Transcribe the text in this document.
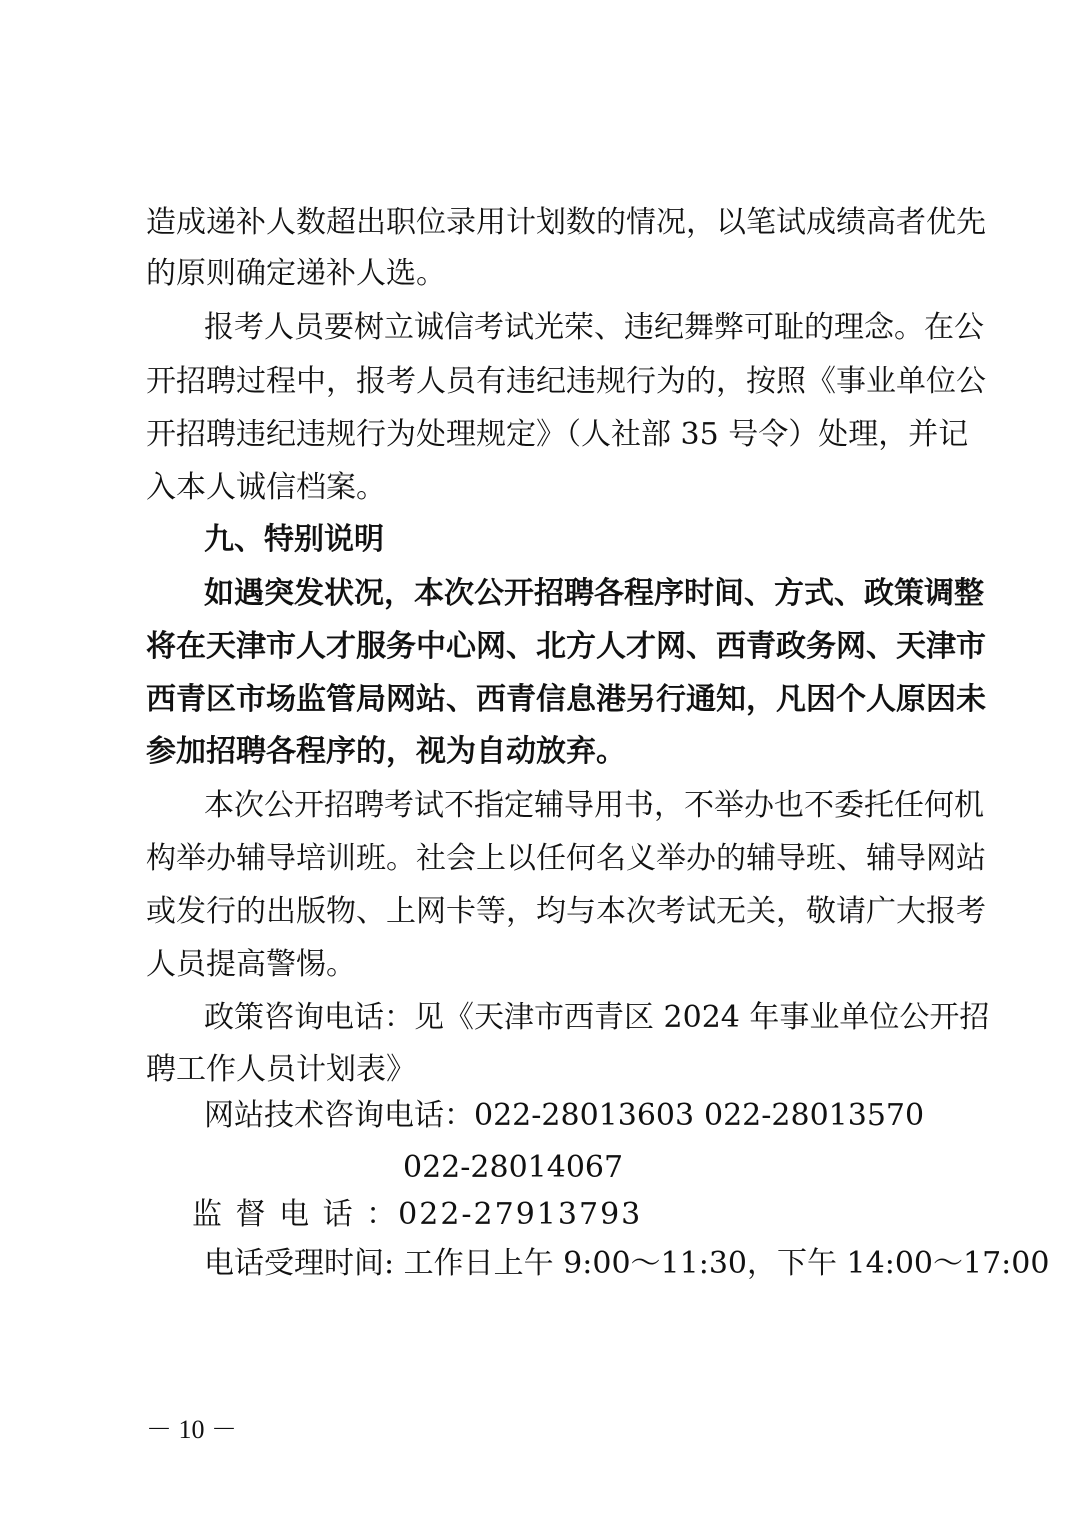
造成递补人数超出职位录用计划数的情况，以笔试成绩高者优先
的原则确定递补人选。
报考人员要树立诚信考试光荣、违纪舞弊可耻的理念。在公
开招聘过程中，报考人员有违纪违规行为的，按照《事业单位公
开招聘违纪违规行为处理规定》（人社部 35 号令）处理，并记
入本人诚信档案。
九、特别说明
如遇突发状况，本次公开招聘各程序时间、方式、政策调整
将在天津市人才服务中心网、北方人才网、西青政务网、天津市
西青区市场监管局网站、西青信息港另行通知，凡因个人原因未
参加招聘各程序的，视为自动放弃。
本次公开招聘考试不指定辅导用书，不举办也不委托任何机
构举办辅导培训班。社会上以任何名义举办的辅导班、辅导网站
或发行的出版物、上网卡等，均与本次考试无关，敬请广大报考
人员提高警惕。
政策咨询电话：见《天津市西青区 2024 年事业单位公开招
聘工作人员计划表》
网站技术咨询电话：022-28013603 022-28013570
022-28014067
监 督 电 话 ：022-27913793
电话受理时间: 工作日上午 9:00～11:30，下午 14:00～17:00
－ 10 －
